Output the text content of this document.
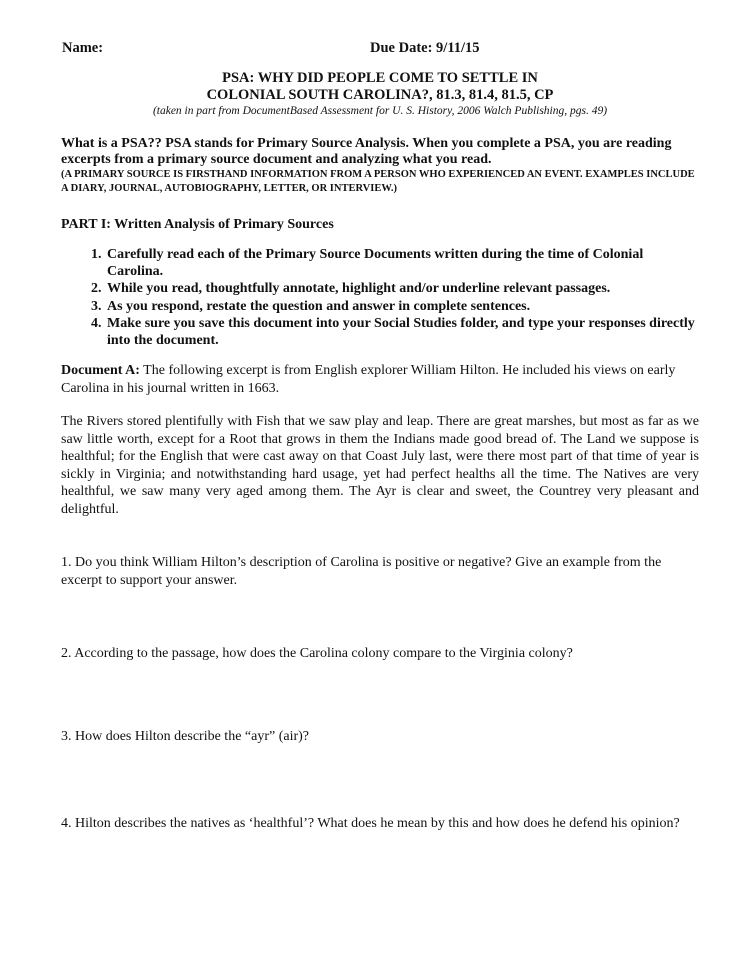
Name:	Due Date: 9/11/15
PSA: WHY DID PEOPLE COME TO SETTLE IN
COLONIAL SOUTH CAROLINA?, 81.3, 81.4, 81.5, CP
(taken in part from DocumentBased Assessment for U. S. History, 2006 Walch Publishing, pgs. 49)
What is a PSA?? PSA stands for Primary Source Analysis. When you complete a PSA, you are reading excerpts from a primary source document and analyzing what you read.
(A PRIMARY SOURCE IS FIRSTHAND INFORMATION FROM A PERSON WHO EXPERIENCED AN EVENT. EXAMPLES INCLUDE A DIARY, JOURNAL, AUTOBIOGRAPHY, LETTER, OR INTERVIEW.)
PART I: Written Analysis of Primary Sources
1. Carefully read each of the Primary Source Documents written during the time of Colonial Carolina.
2. While you read, thoughtfully annotate, highlight and/or underline relevant passages.
3. As you respond, restate the question and answer in complete sentences.
4. Make sure you save this document into your Social Studies folder, and type your responses directly into the document.
Document A: The following excerpt is from English explorer William Hilton. He included his views on early Carolina in his journal written in 1663.
The Rivers stored plentifully with Fish that we saw play and leap. There are great marshes, but most as far as we saw little worth, except for a Root that grows in them the Indians made good bread of. The Land we suppose is healthful; for the English that were cast away on that Coast July last, were there most part of that time of year is sickly in Virginia; and notwithstanding hard usage, yet had perfect healths all the time. The Natives are very healthful, we saw many very aged among them. The Ayr is clear and sweet, the Countrey very pleasant and delightful.
1. Do you think William Hilton’s description of Carolina is positive or negative? Give an example from the excerpt to support your answer.
2. According to the passage, how does the Carolina colony compare to the Virginia colony?
3. How does Hilton describe the “ayr” (air)?
4. Hilton describes the natives as ‘healthful’? What does he mean by this and how does he defend his opinion?
